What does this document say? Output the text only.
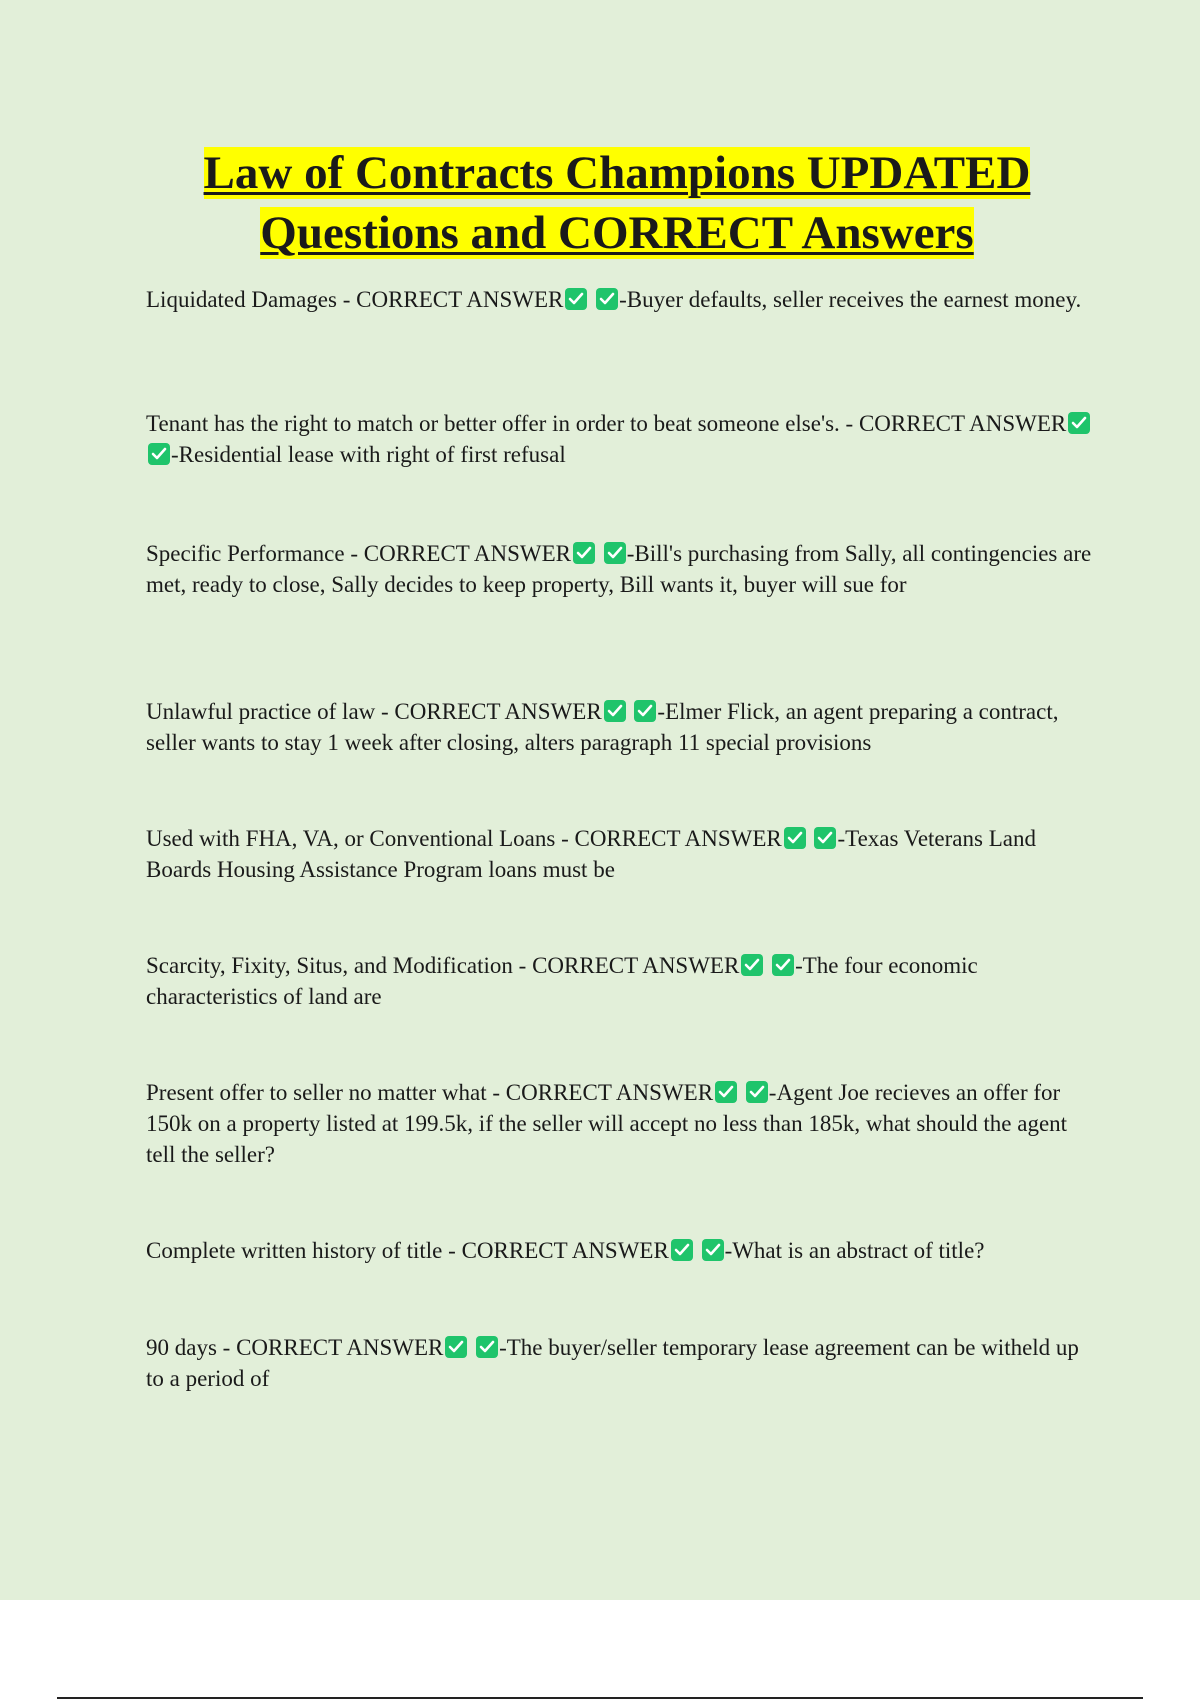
Law of Contracts Champions UPDATED
Questions and CORRECT Answers

Liquidated Damages - CORRECT ANSWER
-Buyer defaults, seller receives the earnest money.

Tenant has the right to match or better offer in order to beat someone else's. - CORRECT ANSWER

-Residential lease with right of first refusal

Specific Performance - CORRECT ANSWER
-Bill's purchasing from Sally, all contingencies are met, ready to close, Sally decides to keep property, Bill wants it, buyer will sue for

Unlawful practice of law - CORRECT ANSWER
-Elmer Flick, an agent preparing a contract, seller wants to stay 1 week after closing, alters paragraph 11 special provisions

Used with FHA, VA, or Conventional Loans - CORRECT ANSWER
-Texas Veterans Land Boards Housing Assistance Program loans must be

Scarcity, Fixity, Situs, and Modification - CORRECT ANSWER
-The four economic characteristics of land are

Present offer to seller no matter what - CORRECT ANSWER
-Agent Joe recieves an offer for 150k on a property listed at 199.5k, if the seller will accept no less than 185k, what should the agent tell the seller?

Complete written history of title - CORRECT ANSWER
-What is an abstract of title?

90 days - CORRECT ANSWER
-The buyer/seller temporary lease agreement can be witheld up to a period of
